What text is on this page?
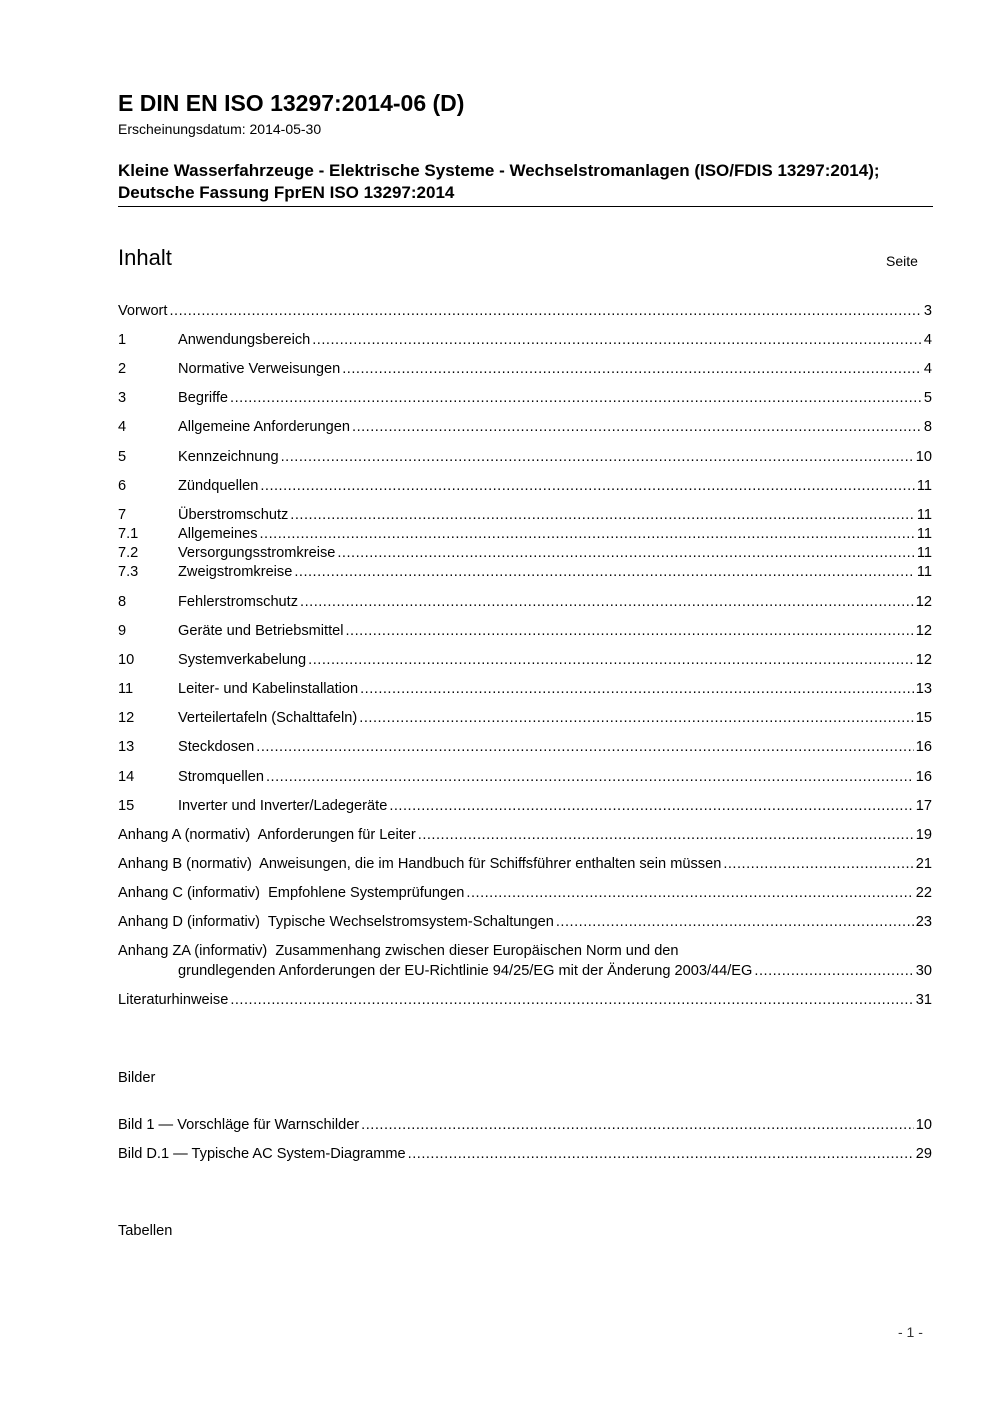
E DIN EN ISO 13297:2014-06 (D)
Erscheinungsdatum: 2014-05-30
Kleine Wasserfahrzeuge - Elektrische Systeme - Wechselstromanlagen (ISO/FDIS 13297:2014); Deutsche Fassung FprEN ISO 13297:2014
Inhalt	Seite
Vorwort .....	3
1	Anwendungsbereich .....	4
2	Normative Verweisungen .....	4
3	Begriffe .....	5
4	Allgemeine Anforderungen .....	8
5	Kennzeichnung .....	10
6	Zündquellen .....	11
7	Überstromschutz .....	11
7.1	Allgemeines .....	11
7.2	Versorgungsstromkreise .....	11
7.3	Zweigstromkreise .....	11
8	Fehlerstromschutz .....	12
9	Geräte und Betriebsmittel .....	12
10	Systemverkabelung .....	12
11	Leiter- und Kabelinstallation .....	13
12	Verteilertafeln (Schalttafeln) .....	15
13	Steckdosen .....	16
14	Stromquellen .....	16
15	Inverter und Inverter/Ladegeräte .....	17
Anhang A (normativ) Anforderungen für Leiter .....	19
Anhang B (normativ) Anweisungen, die im Handbuch für Schiffsführer enthalten sein müssen .....	21
Anhang C (informativ) Empfohlene Systemprüfungen .....	22
Anhang D (informativ) Typische Wechselstromsystem-Schaltungen .....	23
Anhang ZA (informativ) Zusammenhang zwischen dieser Europäischen Norm und den
grundlegenden Anforderungen der EU-Richtlinie 94/25/EG mit der Änderung 2003/44/EG .....	30
Literaturhinweise .....	31
Bilder
Bild 1 — Vorschläge für Warnschilder .....	10
Bild D.1 — Typische AC System-Diagramme .....	29
Tabellen
- 1 -
